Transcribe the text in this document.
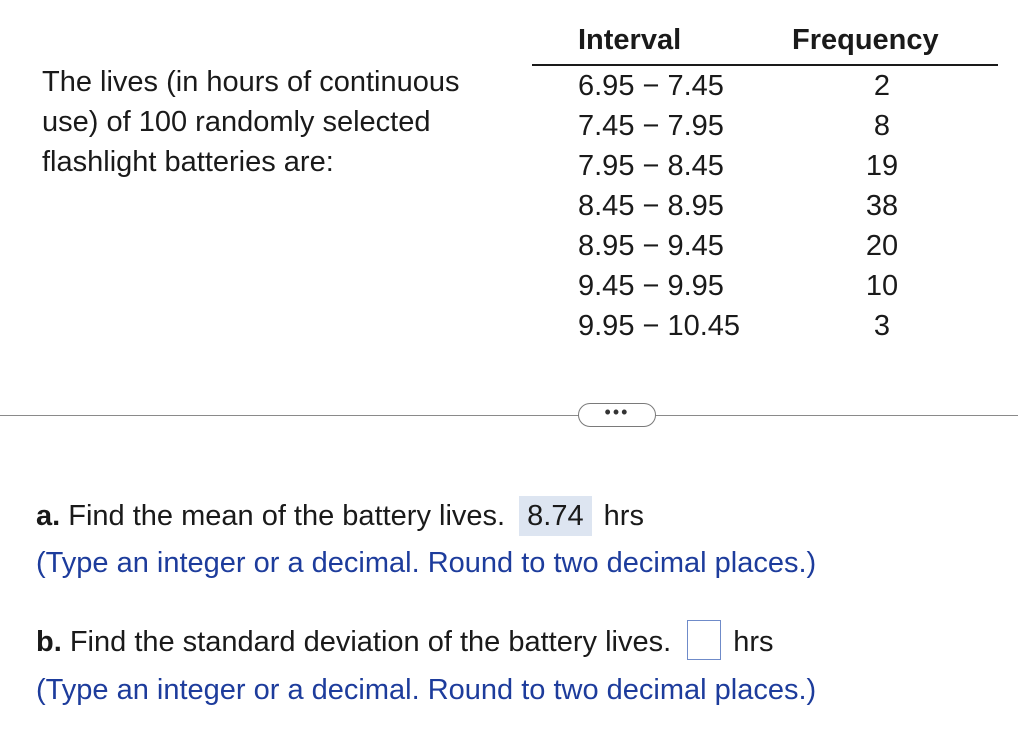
The lives (in hours of continuous
use) of 100 randomly selected
flashlight batteries are:
Interval	Frequency
6.95 − 7.45	2
7.45 − 7.95	8
7.95 − 8.45	19
8.45 − 8.95	38
8.95 − 9.45	20
9.45 − 9.95	10
9.95 − 10.45	3
•••
a. Find the mean of the battery lives. 8.74 hrs
(Type an integer or a decimal. Round to two decimal places.)
b. Find the standard deviation of the battery lives. hrs
(Type an integer or a decimal. Round to two decimal places.)
